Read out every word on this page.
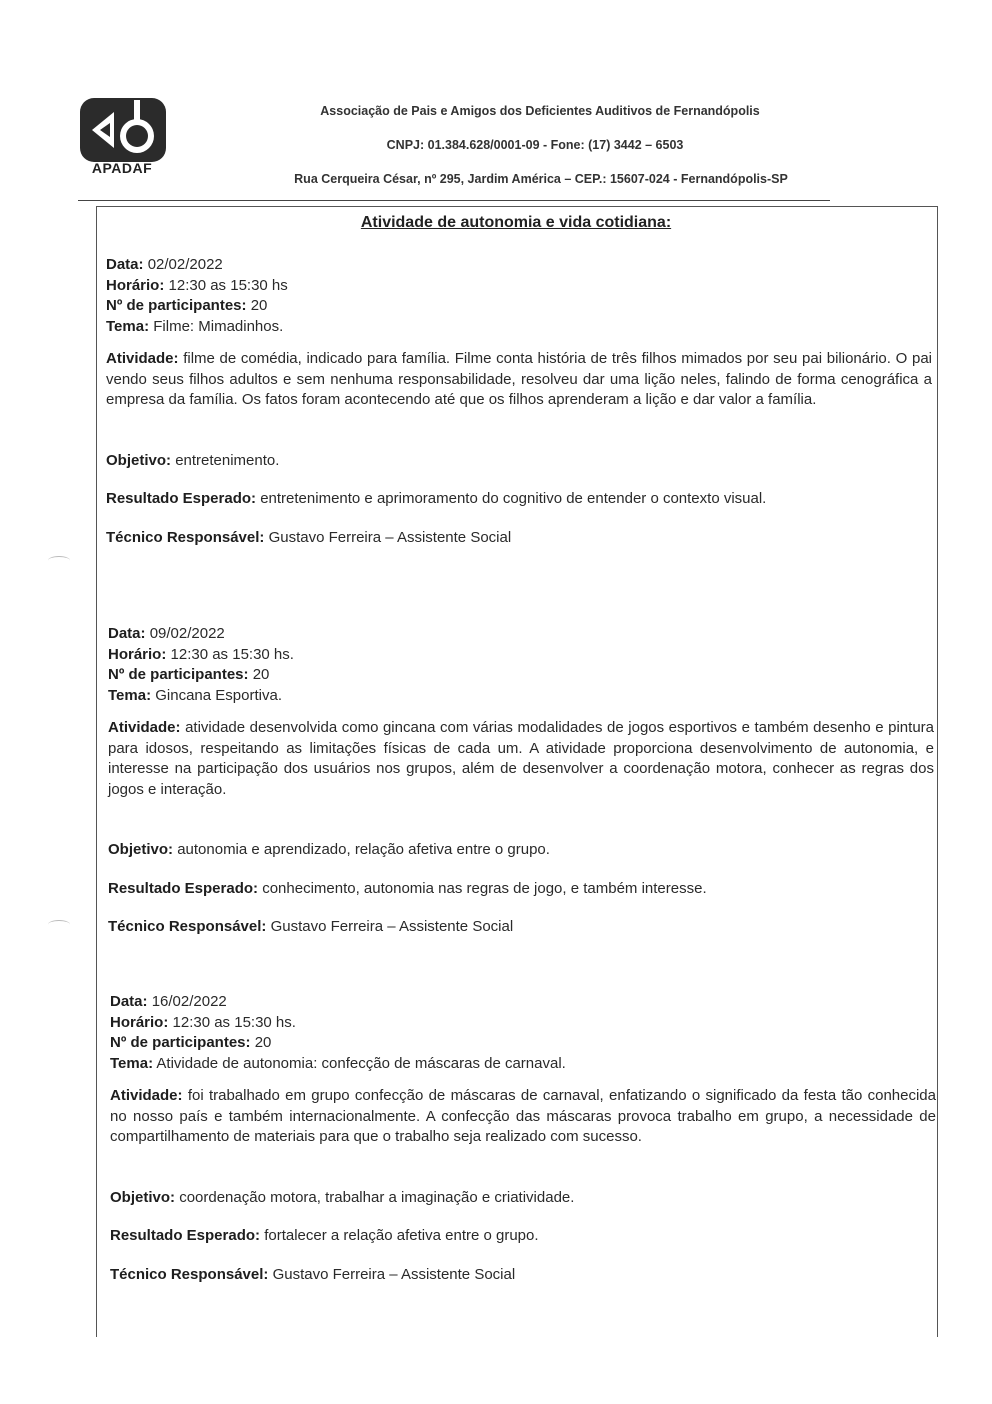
APADAF
Associação de Pais e Amigos dos Deficientes Auditivos de Fernandópolis
CNPJ: 01.384.628/0001-09 - Fone: (17) 3442 – 6503
Rua Cerqueira César, nº 295, Jardim América – CEP.: 15607-024 - Fernandópolis-SP
Atividade de autonomia e vida cotidiana:

Data: 02/02/2022

Horário: 12:30 as 15:30 hs

Nº de participantes: 20

Tema: Filme: Mimadinhos.

Atividade: filme de comédia, indicado para família. Filme conta história de três filhos mimados por seu pai bilionário. O pai vendo seus filhos adultos e sem nenhuma responsabilidade, resolveu dar uma lição neles, falindo de forma cenográfica a empresa da família. Os fatos foram acontecendo até que os filhos aprenderam a lição e dar valor a família.

Objetivo: entretenimento.

Resultado Esperado: entretenimento e aprimoramento do cognitivo de entender o contexto visual.

Técnico Responsável: Gustavo Ferreira – Assistente Social

Data: 09/02/2022

Horário: 12:30 as 15:30 hs.

Nº de participantes: 20

Tema: Gincana Esportiva.

Atividade: atividade desenvolvida como gincana com várias modalidades de jogos esportivos e também desenho e pintura para idosos, respeitando as limitações físicas de cada um. A atividade proporciona desenvolvimento de autonomia, e interesse na participação dos usuários nos grupos, além de desenvolver a coordenação motora, conhecer as regras dos jogos e interação.

Objetivo: autonomia e aprendizado, relação afetiva entre o grupo.

Resultado Esperado: conhecimento, autonomia nas regras de jogo, e também interesse.

Técnico Responsável: Gustavo Ferreira – Assistente Social

Data: 16/02/2022

Horário: 12:30 as 15:30 hs.

Nº de participantes: 20

Tema: Atividade de autonomia: confecção de máscaras de carnaval.

Atividade: foi trabalhado em grupo confecção de máscaras de carnaval, enfatizando o significado da festa tão conhecida no nosso país e também internacionalmente. A confecção das máscaras provoca trabalho em grupo, a necessidade de compartilhamento de materiais para que o trabalho seja realizado com sucesso.

Objetivo: coordenação motora, trabalhar a imaginação e criatividade.

Resultado Esperado: fortalecer a relação afetiva entre o grupo.

Técnico Responsável: Gustavo Ferreira – Assistente Social
